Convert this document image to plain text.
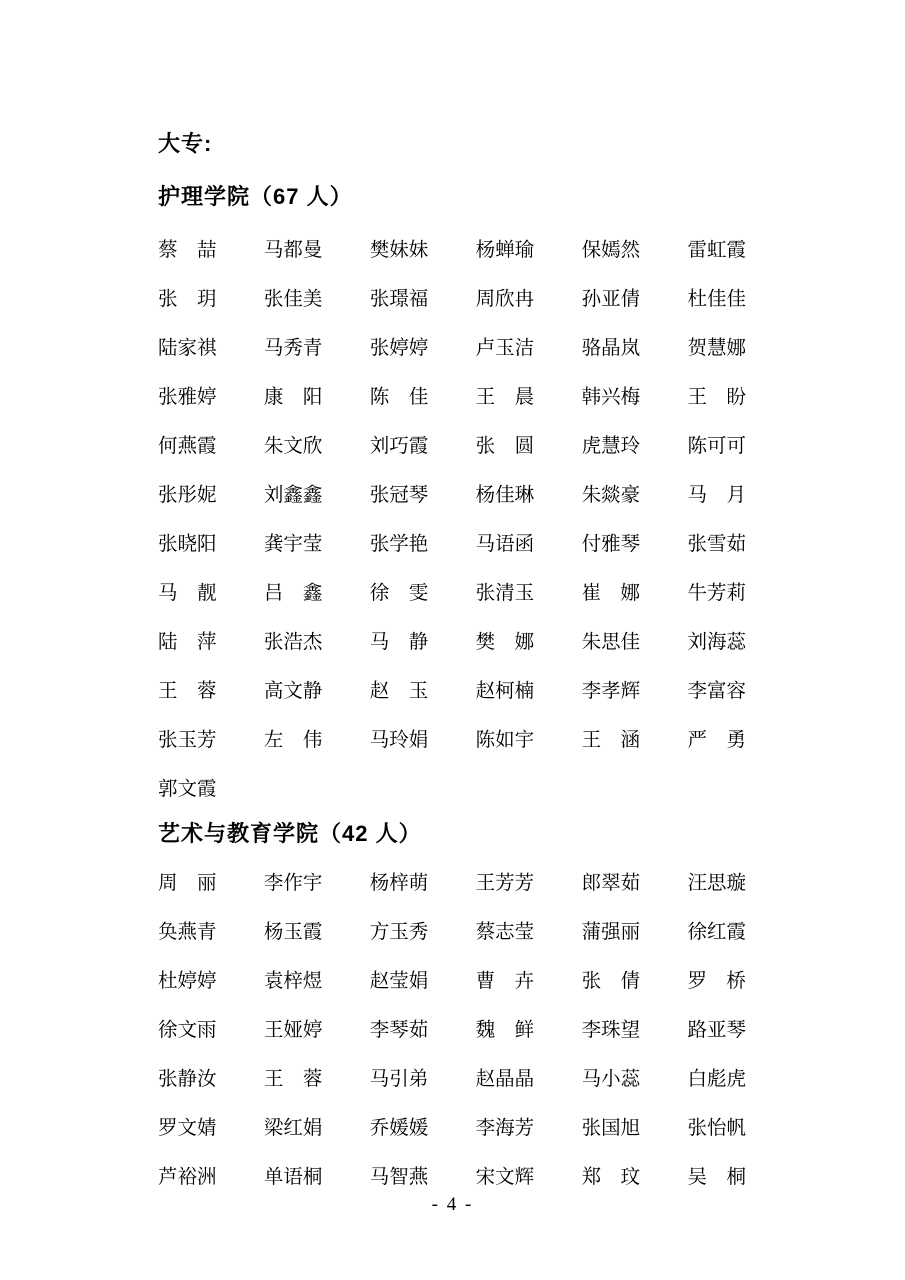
大专:

护理学院（67 人）

蔡喆 马都曼 樊妹妹 杨蝉瑜 保嫣然 雷虹霞
张玥 张佳美 张璟福 周欣冉 孙亚倩 杜佳佳
陆家祺 马秀青 张婷婷 卢玉洁 骆晶岚 贺慧娜
张雅婷 康阳 陈佳 王晨 韩兴梅 王盼
何燕霞 朱文欣 刘巧霞 张圆 虎慧玲 陈可可
张彤妮 刘鑫鑫 张冠琴 杨佳琳 朱燚豪 马月
张晓阳 龚宇莹 张学艳 马语函 付雅琴 张雪茹
马靓 吕鑫 徐雯 张清玉 崔娜 牛芳莉
陆萍 张浩杰 马静 樊娜 朱思佳 刘海蕊
王蓉 高文静 赵玉 赵柯楠 李孝辉 李富容
张玉芳 左伟 马玲娟 陈如宇 王涵 严勇
郭文霞

艺术与教育学院（42 人）

周丽 李作宇 杨梓萌 王芳芳 郎翠茹 汪思璇
奂燕青 杨玉霞 方玉秀 蔡志莹 蒲强丽 徐红霞
杜婷婷 袁梓煜 赵莹娟 曹卉 张倩 罗桥
徐文雨 王娅婷 李琴茹 魏鲜 李珠望 路亚琴
张静汝 王蓉 马引弟 赵晶晶 马小蕊 白彪虎
罗文婧 梁红娟 乔媛媛 李海芳 张国旭 张怡帆
芦裕洲 单语桐 马智燕 宋文辉 郑玟 吴桐
- 4 -
